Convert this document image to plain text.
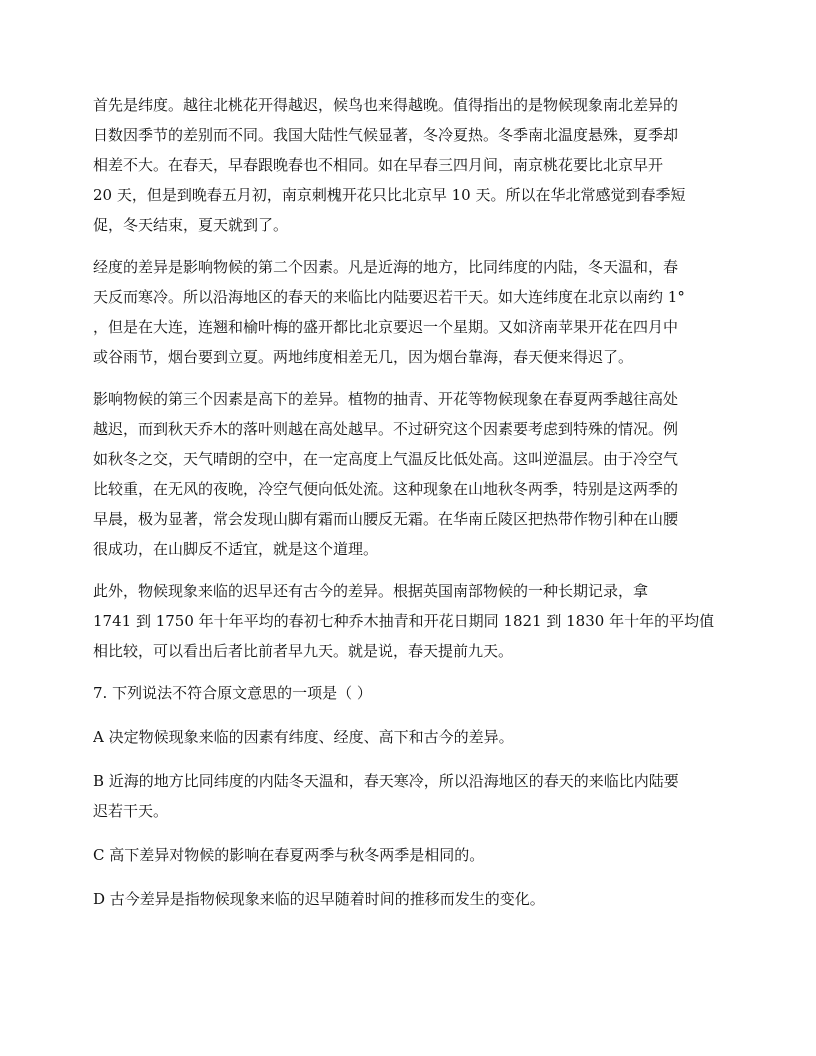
首先是纬度。越往北桃花开得越迟，候鸟也来得越晚。值得指出的是物候现象南北差异的
日数因季节的差别而不同。我国大陆性气候显著，冬冷夏热。冬季南北温度悬殊，夏季却
相差不大。在春天，早春跟晚春也不相同。如在早春三四月间，南京桃花要比北京早开
20 天，但是到晚春五月初，南京刺槐开花只比北京早 10 天。所以在华北常感觉到春季短
促，冬天结束，夏天就到了。
经度的差异是影响物候的第二个因素。凡是近海的地方，比同纬度的内陆，冬天温和，春
天反而寒冷。所以沿海地区的春天的来临比内陆要迟若干天。如大连纬度在北京以南约 1°
，但是在大连，连翘和榆叶梅的盛开都比北京要迟一个星期。又如济南苹果开花在四月中
或谷雨节，烟台要到立夏。两地纬度相差无几，因为烟台靠海，春天便来得迟了。
影响物候的第三个因素是高下的差异。植物的抽青、开花等物候现象在春夏两季越往高处
越迟，而到秋天乔木的落叶则越在高处越早。不过研究这个因素要考虑到特殊的情况。例
如秋冬之交，天气晴朗的空中，在一定高度上气温反比低处高。这叫逆温层。由于冷空气
比较重，在无风的夜晚，冷空气便向低处流。这种现象在山地秋冬两季，特别是这两季的
早晨，极为显著，常会发现山脚有霜而山腰反无霜。在华南丘陵区把热带作物引种在山腰
很成功，在山脚反不适宜，就是这个道理。
此外，物候现象来临的迟早还有古今的差异。根据英国南部物候的一种长期记录，拿
1741 到 1750 年十年平均的春初七种乔木抽青和开花日期同 1821 到 1830 年十年的平均值
相比较，可以看出后者比前者早九天。就是说，春天提前九天。
7. 下列说法不符合原文意思的一项是（ ）
A 决定物候现象来临的因素有纬度、经度、高下和古今的差异。
B 近海的地方比同纬度的内陆冬天温和，春天寒冷，所以沿海地区的春天的来临比内陆要
迟若干天。
C 高下差异对物候的影响在春夏两季与秋冬两季是相同的。
D 古今差异是指物候现象来临的迟早随着时间的推移而发生的变化。
